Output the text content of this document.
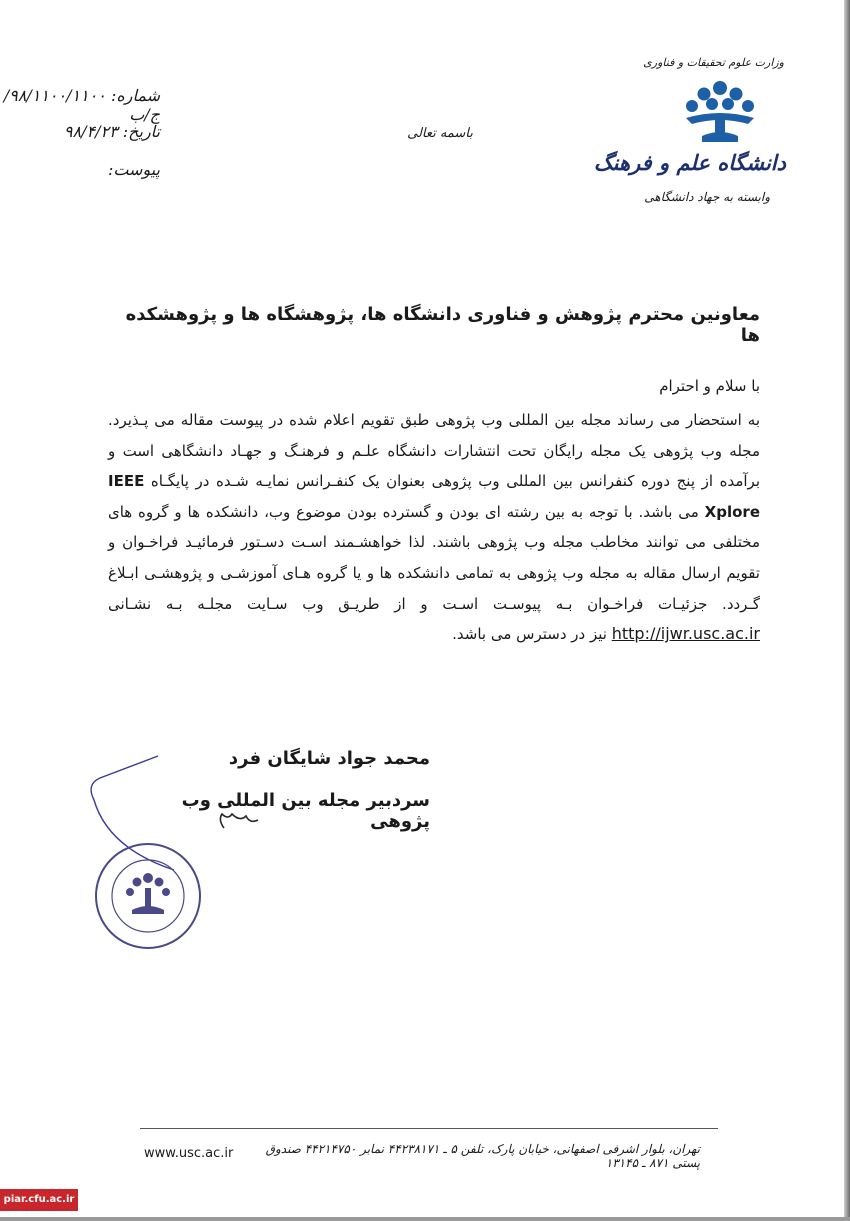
وزارت علوم تحقیقات و فناوری
دانشگاه علم و فرهنگ
وابسته به جهاد دانشگاهی
شماره: ۹۸/۱۱۰۰/۱۱۰۰/ج/ب
تاریخ: ۹۸/۴/۲۳
پیوست:
باسمه تعالی
معاونین محترم پژوهش و فناوری دانشگاه ها، پژوهشگاه ها و پژوهشکده ها
با سلام و احترام
به استحضار می رساند مجله بین المللی وب پژوهی طبق تقویم اعلام شده در پیوست مقاله می پـذیرد. مجله وب پژوهی یک مجله رایگان تحت انتشارات دانشگاه علـم و فرهنـگ و جهـاد دانشگاهی است و برآمده از پنج دوره کنفرانس بین المللی وب پژوهی بعنوان یک کنفـرانس نمایـه شـده در پایگـاه IEEE Xplore می باشد. با توجه به بین رشته ای بودن و گسترده بودن موضوع وب، دانشکده ها و گروه های مختلفی می توانند مخاطب مجله وب پژوهی باشند. لذا خواهشـمند اسـت دسـتور فرمائیـد فراخـوان و تقویم ارسال مقاله به مجله وب پژوهی به تمامی دانشکده ها و یا گروه هـای آموزشـی و پژوهشـی ابـلاغ گـردد. جزئیـات فراخـوان بـه پیوسـت اسـت و از طریـق وب سـایت مجلـه بـه نشـانی http://ijwr.usc.ac.ir نیز در دسترس می باشد.
محمد جواد شایگان فرد
سردبیر مجله بین المللی وب پژوهی
تهران، بلوار اشرفی اصفهانی، خیابان پارک، تلفن ۵ ـ ۴۴۲۳۸۱۷۱ نمابر ۴۴۲۱۴۷۵۰ صندوق پستی ۸۷۱ ـ ۱۳۱۴۵
www.usc.ac.ir
piar.cfu.ac.ir
